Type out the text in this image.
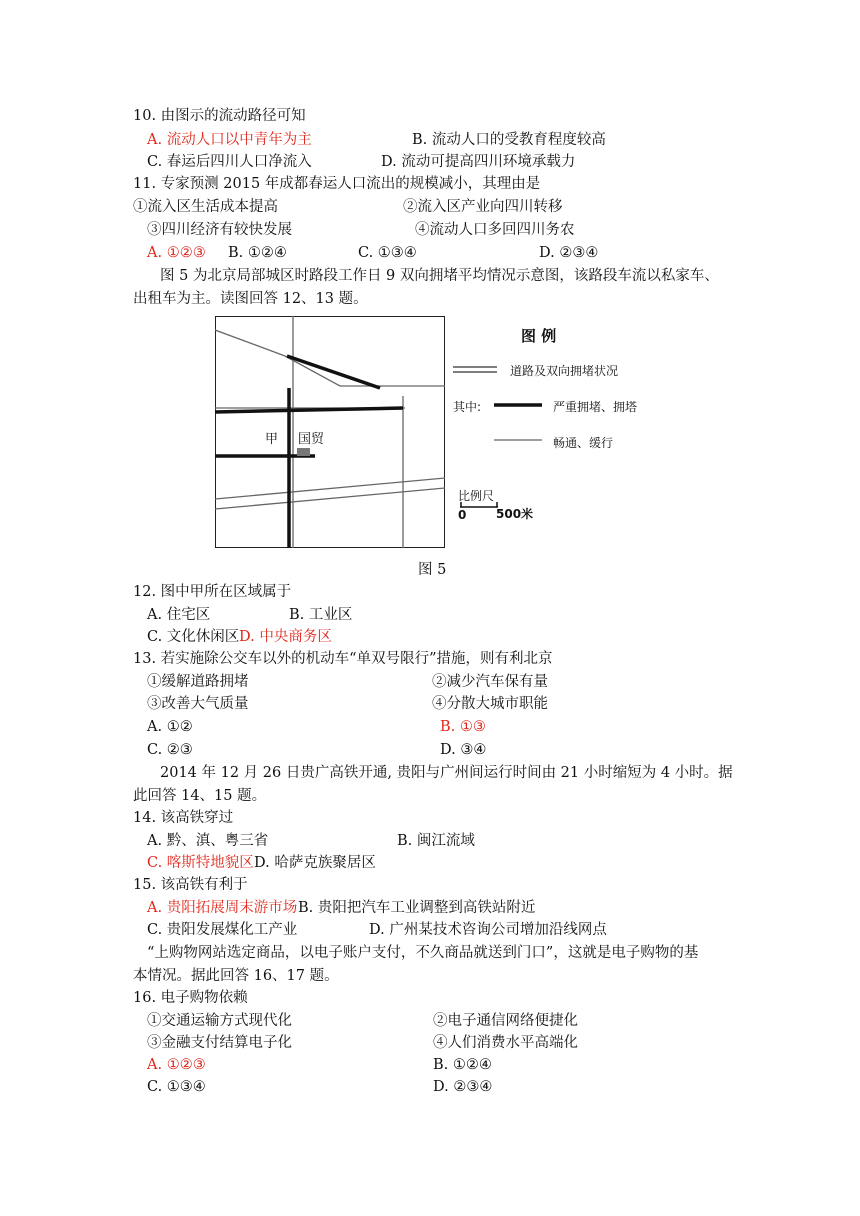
10. 由图示的流动路径可知
A. 流动人口以中青年为主	B. 流动人口的受教育程度较高
C. 春运后四川人口净流入	D. 流动可提高四川环境承载力
11. 专家预测 2015 年成都春运人口流出的规模减小，其理由是
①流入区生活成本提高	②流入区产业向四川转移
③四川经济有较快发展	④流动人口多回四川务农
A. ①②③ B. ①②④	C. ①③④	D. ②③④
图 5 为北京局部城区时路段工作日 9 双向拥堵平均情况示意图，该路段车流以私家车、
出租车为主。读图回答 12、13 题。
甲 国贸
图 例
道路及双向拥堵状况
其中:	严重拥堵、拥塔
畅通、缓行
比例尺
0 500米
图 5
12. 图中甲所在区域属于
A. 住宅区	B. 工业区
C. 文化休闲区 D. 中央商务区
13. 若实施除公交车以外的机动车“单双号限行”措施，则有利北京
①缓解道路拥堵	②减少汽车保有量
③改善大气质量	④分散大城市职能
A. ①②	B. ①③
C. ②③	D. ③④
2014 年 12 月 26 日贵广高铁开通, 贵阳与广州间运行时间由 21 小时缩短为 4 小时。据
此回答 14、15 题。
14. 该高铁穿过
A. 黔、滇、粤三省	B. 闽江流域
C. 喀斯特地貌区 D. 哈萨克族聚居区
15. 该高铁有利于
A. 贵阳拓展周末游市场 B. 贵阳把汽车工业调整到高铁站附近
C. 贵阳发展煤化工产业	D. 广州某技术咨询公司增加沿线网点
“上购物网站选定商品，以电子账户支付，不久商品就送到门口”，这就是电子购物的基
本情况。据此回答 16、17 题。
16. 电子购物依赖
①交通运输方式现代化	②电子通信网络便捷化
③金融支付结算电子化	④人们消费水平高端化
A. ①②③	B. ①②④
C. ①③④	D. ②③④
